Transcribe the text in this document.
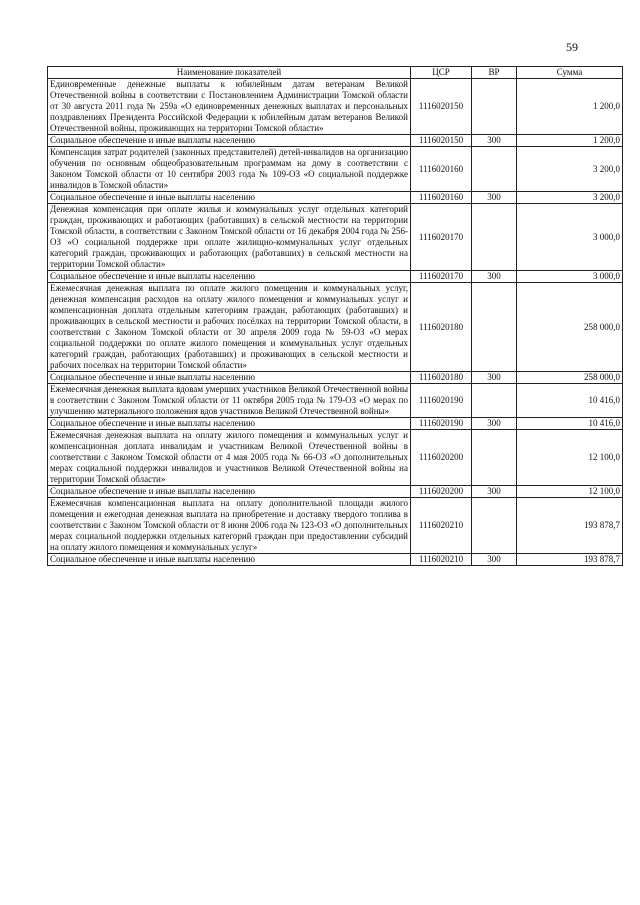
59
Наименование показателей	ЦСР	ВР	Сумма
Единовременные денежные выплаты к юбилейным датам ветеранам Великой Отечественной войны в соответствии с Постановлением Администрации Томской области от 30 августа 2011 года № 259а «О единовременных денежных выплатах и персональных поздравлениях Президента Российской Федерации к юбилейным датам ветеранов Великой Отечественной войны, проживающих на территории Томской области»	1116020150		1 200,0
Социальное обеспечение и иные выплаты населению	1116020150	300	1 200,0
Компенсация затрат родителей (законных представителей) детей-инвалидов на организацию обучения по основным общеобразовательным программам на дому в соответствии с Законом Томской области от 10 сентября 2003 года № 109-ОЗ «О социальной поддержке инвалидов в Томской области»	1116020160		3 200,0
Социальное обеспечение и иные выплаты населению	1116020160	300	3 200,0
Денежная компенсация при оплате жилья и коммунальных услуг отдельных категорий граждан, проживающих и работающих (работавших) в сельской местности на территории Томской области, в соответствии с Законом Томской области от 16 декабря 2004 года № 256-ОЗ «О социальной поддержке при оплате жилищно-коммунальных услуг отдельных категорий граждан, проживающих и работающих (работавших) в сельской местности на территории Томской области»	1116020170		3 000,0
Социальное обеспечение и иные выплаты населению	1116020170	300	3 000,0
Ежемесячная денежная выплата по оплате жилого помещения и коммунальных услуг, денежная компенсация расходов на оплату жилого помещения и коммунальных услуг и компенсационная доплата отдельным категориям граждан, работающих (работавших) и проживающих в сельской местности и рабочих посёлках на территории Томской области, в соответствии с Законом Томской области от 30 апреля 2009 года № 59-ОЗ «О мерах социальной поддержки по оплате жилого помещения и коммунальных услуг отдельных категорий граждан, работающих (работавших) и проживающих в сельской местности и рабочих поселках на территории Томской области»	1116020180		258 000,0
Социальное обеспечение и иные выплаты населению	1116020180	300	258 000,0
Ежемесячная денежная выплата вдовам умерших участников Великой Отечественной войны в соответствии с Законом Томской области от 11 октября 2005 года № 179-ОЗ «О мерах по улучшению материального положения вдов участников Великой Отечественной войны»	1116020190		10 416,0
Социальное обеспечение и иные выплаты населению	1116020190	300	10 416,0
Ежемесячная денежная выплата на оплату жилого помещения и коммунальных услуг и компенсационная доплата инвалидам и участникам Великой Отечественной войны в соответствии с Законом Томской области от 4 мая 2005 года № 66-ОЗ «О дополнительных мерах социальной поддержки инвалидов и участников Великой Отечественной войны на территории Томской области»	1116020200		12 100,0
Социальное обеспечение и иные выплаты населению	1116020200	300	12 100,0
Ежемесячная компенсационная выплата на оплату дополнительной площади жилого помещения и ежегодная денежная выплата на приобретение и доставку твердого топлива в соответствии с Законом Томской области от 8 июня 2006 года № 123-ОЗ «О дополнительных мерах социальной поддержки отдельных категорий граждан при предоставлении субсидий на оплату жилого помещения и коммунальных услуг»	1116020210		193 878,7
Социальное обеспечение и иные выплаты населению	1116020210	300	193 878,7
